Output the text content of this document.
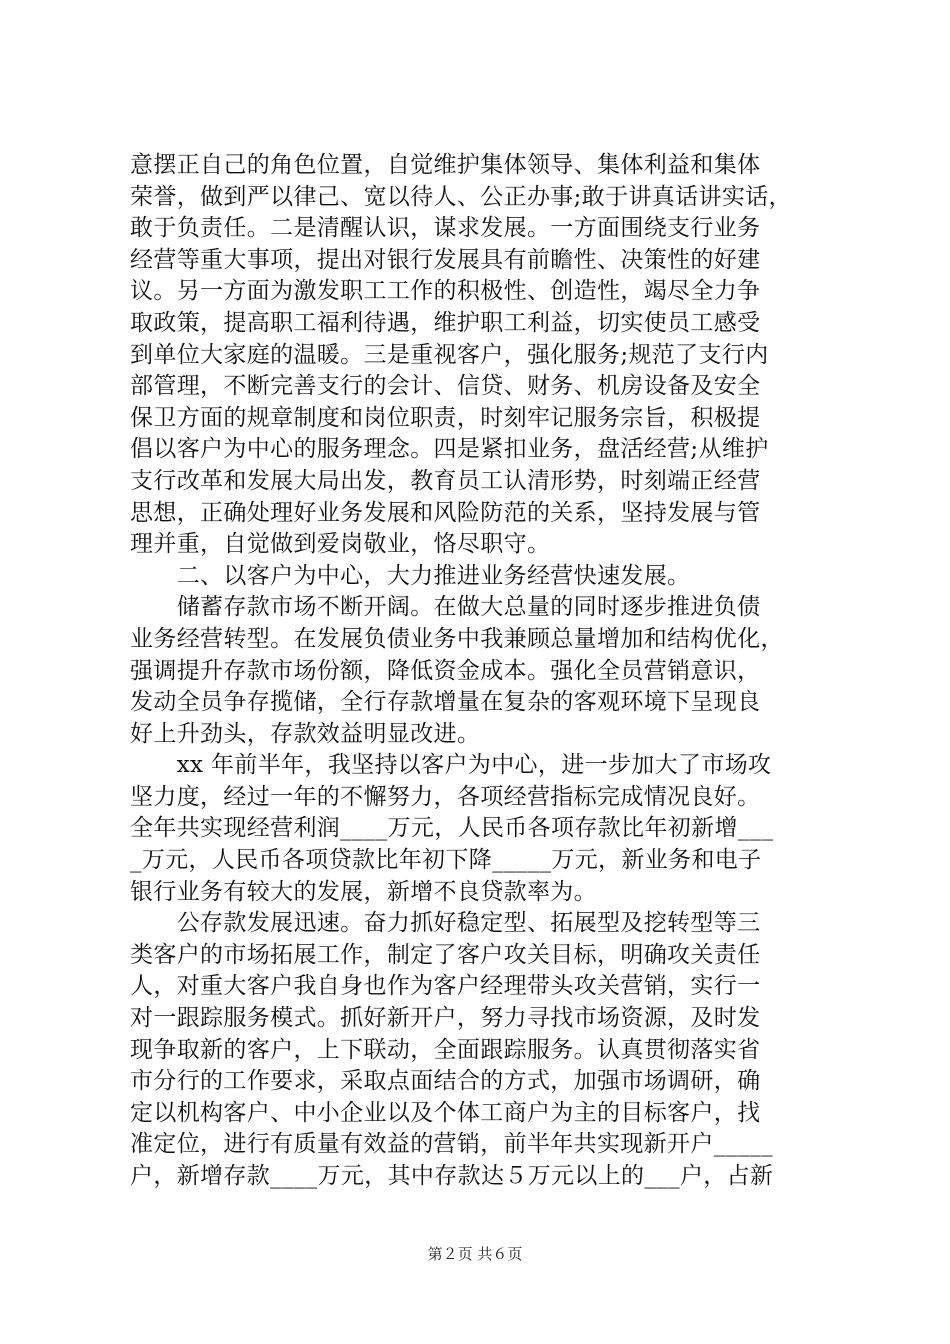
意摆正自己的角色位置，自觉维护集体领导、集体利益和集体
荣誉，做到严以律己、宽以待人、公正办事;敢于讲真话讲实话，
敢于负责任。二是清醒认识，谋求发展。一方面围绕支行业务
经营等重大事项，提出对银行发展具有前瞻性、决策性的好建
议。另一方面为激发职工工作的积极性、创造性，竭尽全力争
取政策，提高职工福利待遇，维护职工利益，切实使员工感受
到单位大家庭的温暖。三是重视客户，强化服务;规范了支行内
部管理，不断完善支行的会计、信贷、财务、机房设备及安全
保卫方面的规章制度和岗位职责，时刻牢记服务宗旨，积极提
倡以客户为中心的服务理念。四是紧扣业务，盘活经营;从维护
支行改革和发展大局出发，教育员工认清形势，时刻端正经营
思想，正确处理好业务发展和风险防范的关系，坚持发展与管
理并重，自觉做到爱岗敬业，恪尽职守。
　　二、以客户为中心，大力推进业务经营快速发展。
　　储蓄存款市场不断开阔。在做大总量的同时逐步推进负债
业务经营转型。在发展负债业务中我兼顾总量增加和结构优化，
强调提升存款市场份额，降低资金成本。强化全员营销意识，
发动全员争存揽储，全行存款增量在复杂的客观环境下呈现良
好上升劲头，存款效益明显改进。
　　xx 年前半年，我坚持以客户为中心，进一步加大了市场攻
坚力度，经过一年的不懈努力，各项经营指标完成情况良好。
全年共实现经营利润____万元，人民币各项存款比年初新增___
_万元，人民币各项贷款比年初下降_____万元，新业务和电子
银行业务有较大的发展，新增不良贷款率为。
　　公存款发展迅速。奋力抓好稳定型、拓展型及挖转型等三
类客户的市场拓展工作，制定了客户攻关目标，明确攻关责任
人，对重大客户我自身也作为客户经理带头攻关营销，实行一
对一跟踪服务模式。抓好新开户，努力寻找市场资源，及时发
现争取新的客户，上下联动，全面跟踪服务。认真贯彻落实省
市分行的工作要求，采取点面结合的方式，加强市场调研，确
定以机构客户、中小企业以及个体工商户为主的目标客户，找
准定位，进行有质量有效益的营销，前半年共实现新开户_____
户，新增存款____万元，其中存款达５万元以上的___户，占新
第２页 共６页
